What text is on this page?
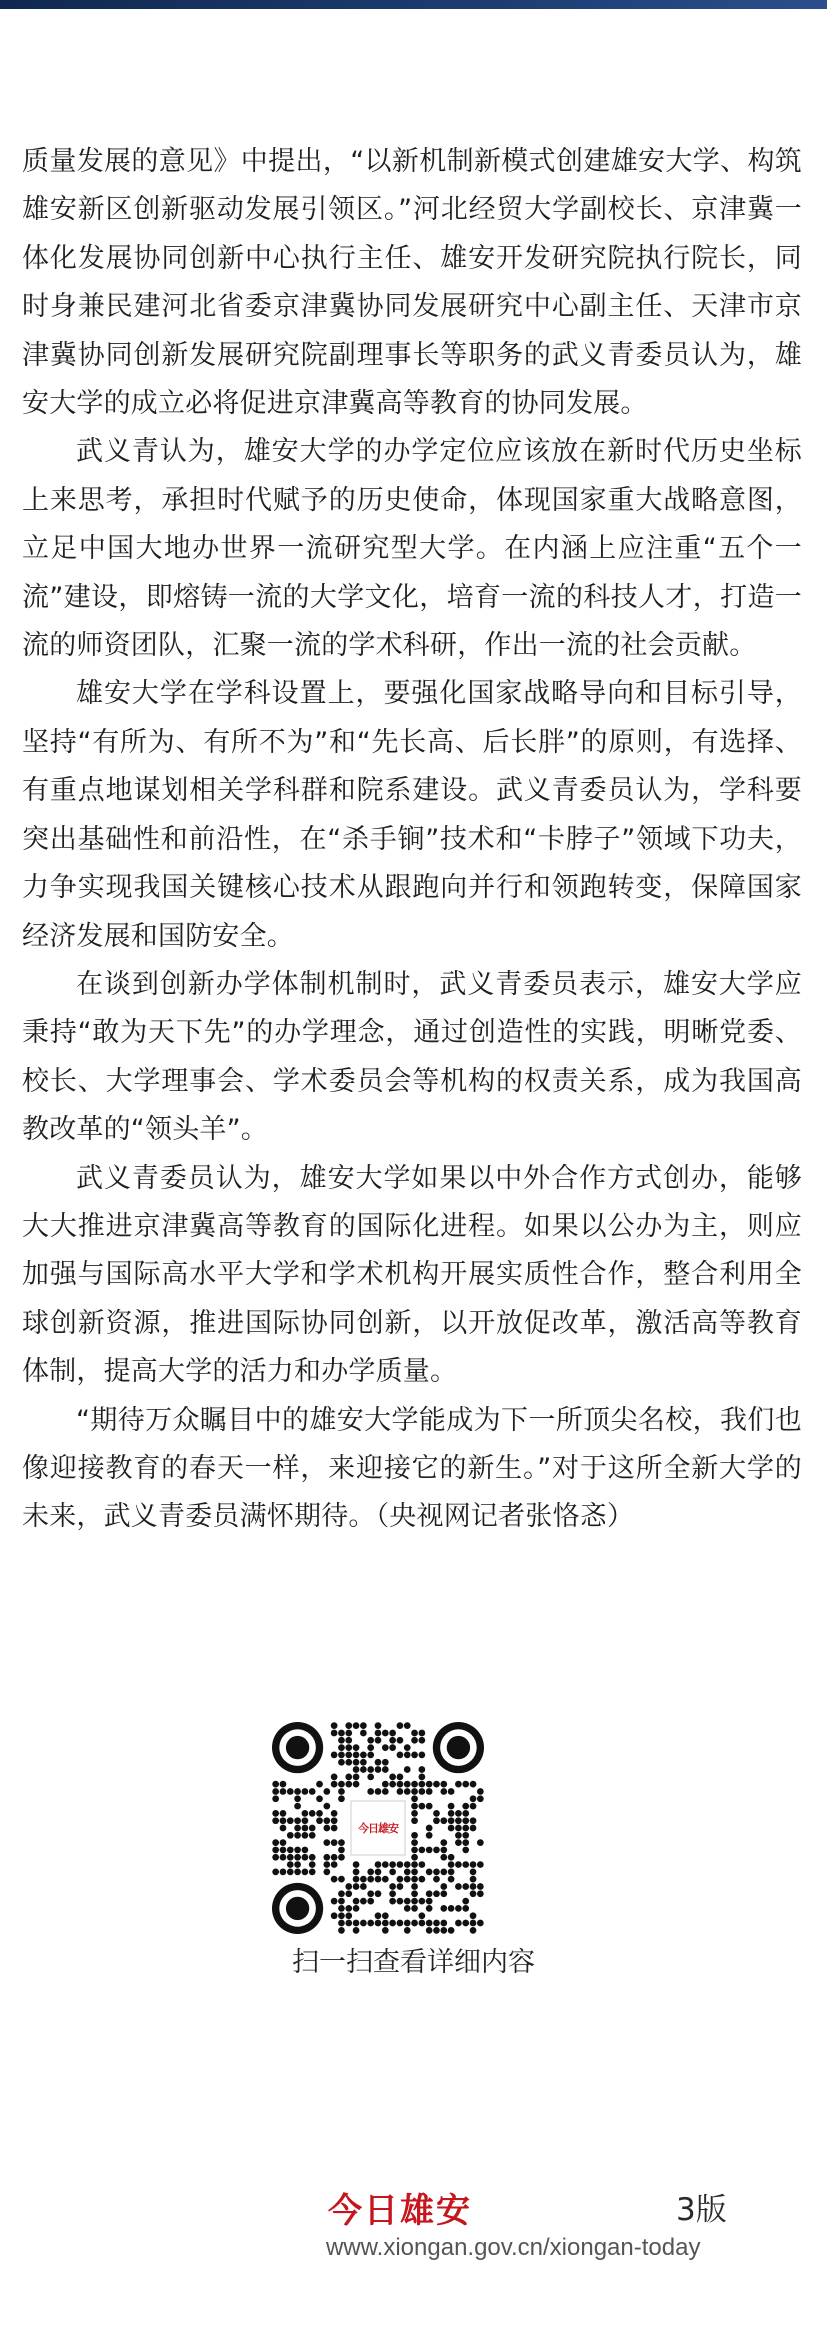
质量发展的意见》中提出，“以新机制新模式创建雄安大学、构筑雄安新区创新驱动发展引领区。”河北经贸大学副校长、京津冀一体化发展协同创新中心执行主任、雄安开发研究院执行院长，同时身兼民建河北省委京津冀协同发展研究中心副主任、天津市京津冀协同创新发展研究院副理事长等职务的武义青委员认为，雄安大学的成立必将促进京津冀高等教育的协同发展。

武义青认为，雄安大学的办学定位应该放在新时代历史坐标上来思考，承担时代赋予的历史使命，体现国家重大战略意图，立足中国大地办世界一流研究型大学。在内涵上应注重“五个一流”建设，即熔铸一流的大学文化，培育一流的科技人才，打造一流的师资团队，汇聚一流的学术科研，作出一流的社会贡献。

雄安大学在学科设置上，要强化国家战略导向和目标引导，坚持“有所为、有所不为”和“先长高、后长胖”的原则，有选择、有重点地谋划相关学科群和院系建设。武义青委员认为，学科要突出基础性和前沿性，在“杀手锏”技术和“卡脖子”领域下功夫，力争实现我国关键核心技术从跟跑向并行和领跑转变，保障国家经济发展和国防安全。

在谈到创新办学体制机制时，武义青委员表示，雄安大学应秉持“敢为天下先”的办学理念，通过创造性的实践，明晰党委、校长、大学理事会、学术委员会等机构的权责关系，成为我国高教改革的“领头羊”。

武义青委员认为，雄安大学如果以中外合作方式创办，能够大大推进京津冀高等教育的国际化进程。如果以公办为主，则应加强与国际高水平大学和学术机构开展实质性合作，整合利用全球创新资源，推进国际协同创新，以开放促改革，激活高等教育体制，提高大学的活力和办学质量。

“期待万众瞩目中的雄安大学能成为下一所顶尖名校，我们也像迎接教育的春天一样，来迎接它的新生。”对于这所全新大学的未来，武义青委员满怀期待。（央视网记者张恪忞）

今日雄安
扫一扫查看详细内容
今日雄安	3版
www.xiongan.gov.cn/xiongan-today
